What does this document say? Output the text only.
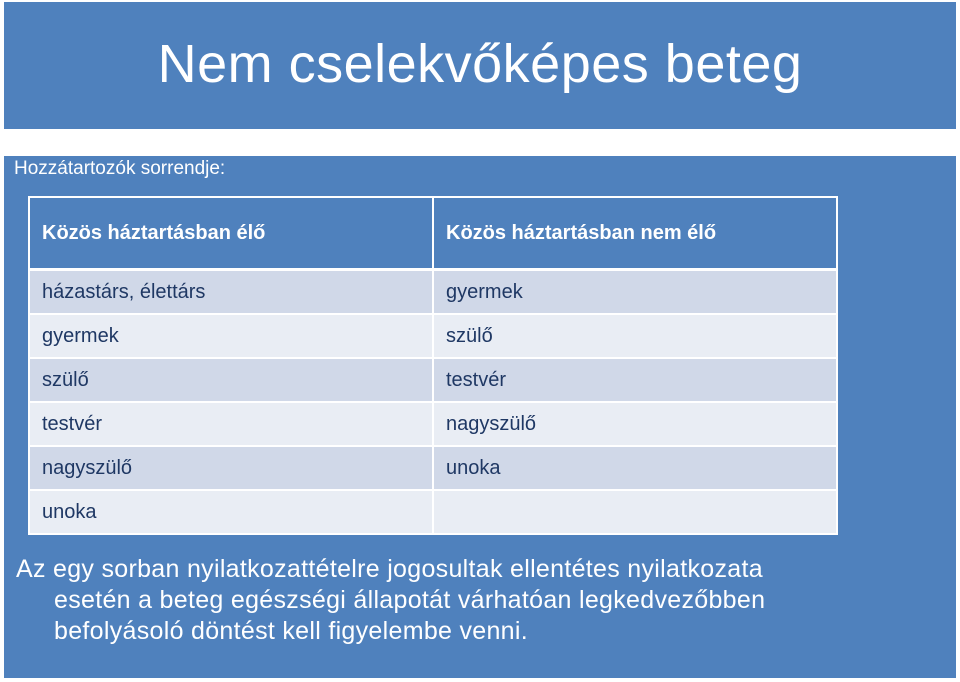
Nem cselekvőképes beteg
Hozzátartozók sorrendje:
Közös háztartásban élő	Közös háztartásban nem élő

házastárs, élettárs	gyermek

gyermek	szülő

szülő	testvér

testvér	nagyszülő

nagyszülő	unoka

unoka	

Az egy sorban nyilatkozattételre jogosultak ellentétes nyilatkozata
esetén a beteg egészségi állapotát várhatóan legkedvezőbben
befolyásoló döntést kell figyelembe venni.
